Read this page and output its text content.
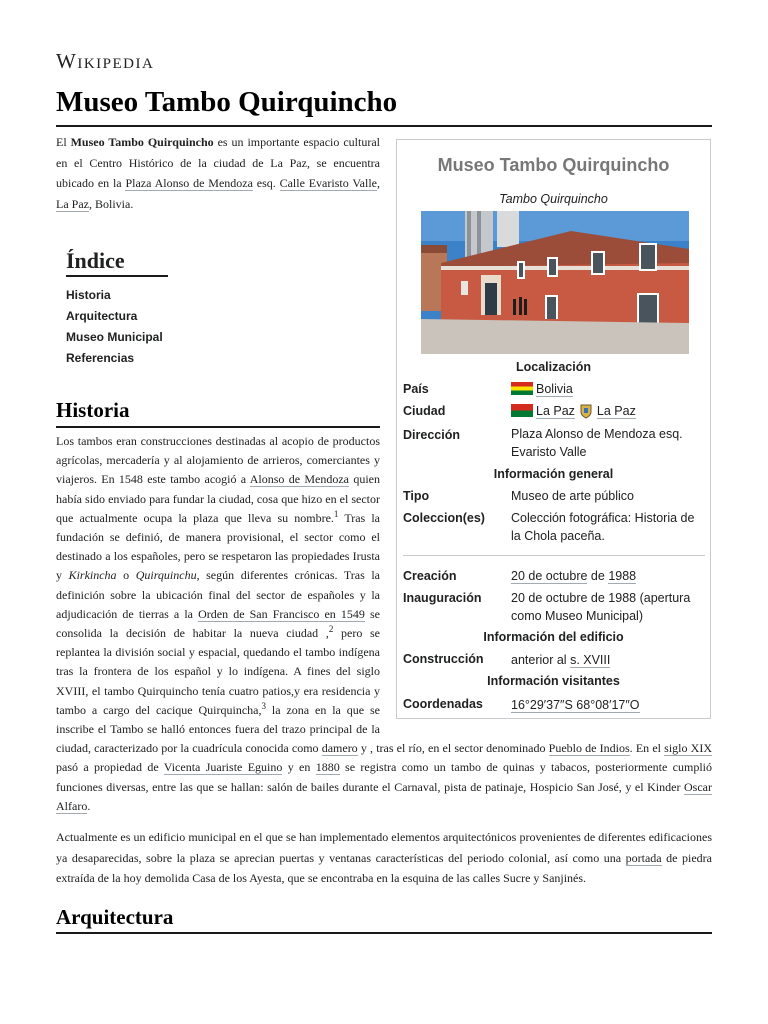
Wikipedia
Museo Tambo Quirquincho

El Museo Tambo Quirquincho es un importante espacio cultural en el Centro Histórico de la ciudad de La Paz, se encuentra ubicado en la Plaza Alonso de Mendoza esq. Calle Evaristo Valle, La Paz, Bolivia.

Índice
Historia
Arquitectura
Museo Municipal
Referencias
Historia

Los tambos eran construcciones destinadas al acopio de productos agrícolas, mercadería y al alojamiento de arrieros, comerciantes y viajeros. En 1548 este tambo acogió a Alonso de Mendoza quien había sido enviado para fundar la ciudad, cosa que hizo en el sector que actualmente ocupa la plaza que lleva su nombre.$^1$ Tras la fundación se definió, de manera provisional, el sector como el destinado a los españoles, pero se respetaron las propiedades Irusta y Kirkincha o Quirquinchu, según diferentes crónicas. Tras la definición sobre la ubicación final del sector de españoles y la adjudicación de tierras a la Orden de San Francisco en 1549 se consolida la decisión de habitar la nueva ciudad ,$^2$ pero se replantea la división social y espacial, quedando el tambo indígena tras la frontera de los español y lo indígena. A fines del siglo XVIII, el tambo Quirquincho tenía cuatro patios,y era residencia y tambo a cargo del cacique Quirquincha,$^3$ la zona en la que se inscribe el Tambo se halló entonces fuera del trazo principal de la ciudad, caracterizado por la cuadrícula conocida como damero y , tras el río, en el sector denominado Pueblo de Indios. En el siglo XIX pasó a propiedad de Vicenta Juariste Eguino y en 1880 se registra como un tambo de quinas y tabacos, posteriormente cumplió funciones diversas, entre las que se hallan: salón de bailes durante el Carnaval, pista de patinaje, Hospicio San José, y el Kinder Oscar Alfaro.

Actualmente es un edificio municipal en el que se han implementado elementos arquitectónicos provenientes de diferentes edificaciones ya desaparecidas, sobre la plaza se aprecian puertas y ventanas características del periodo colonial, así como una portada de piedra extraída de la hoy demolida Casa de los Ayesta, que se encontraba en la esquina de las calles Sucre y Sanjinés.

Arquitectura
Museo Tambo Quirquincho
Tambo Quirquincho
Localización
País	Bolivia
Ciudad	La Paz La Paz
Dirección	Plaza Alonso de Mendoza esq. Evaristo Valle
Información general
Tipo	Museo de arte público
Coleccion(es) Colección fotográfica: Historia de la Chola paceña.
Creación	20 de octubre de 1988
Inauguración 20 de octubre de 1988 (apertura como Museo Municipal)
Información del edificio
Construcción anterior al s. XVIII
Información visitantes
Coordenadas 16°29′37″S 68°08′17″O
